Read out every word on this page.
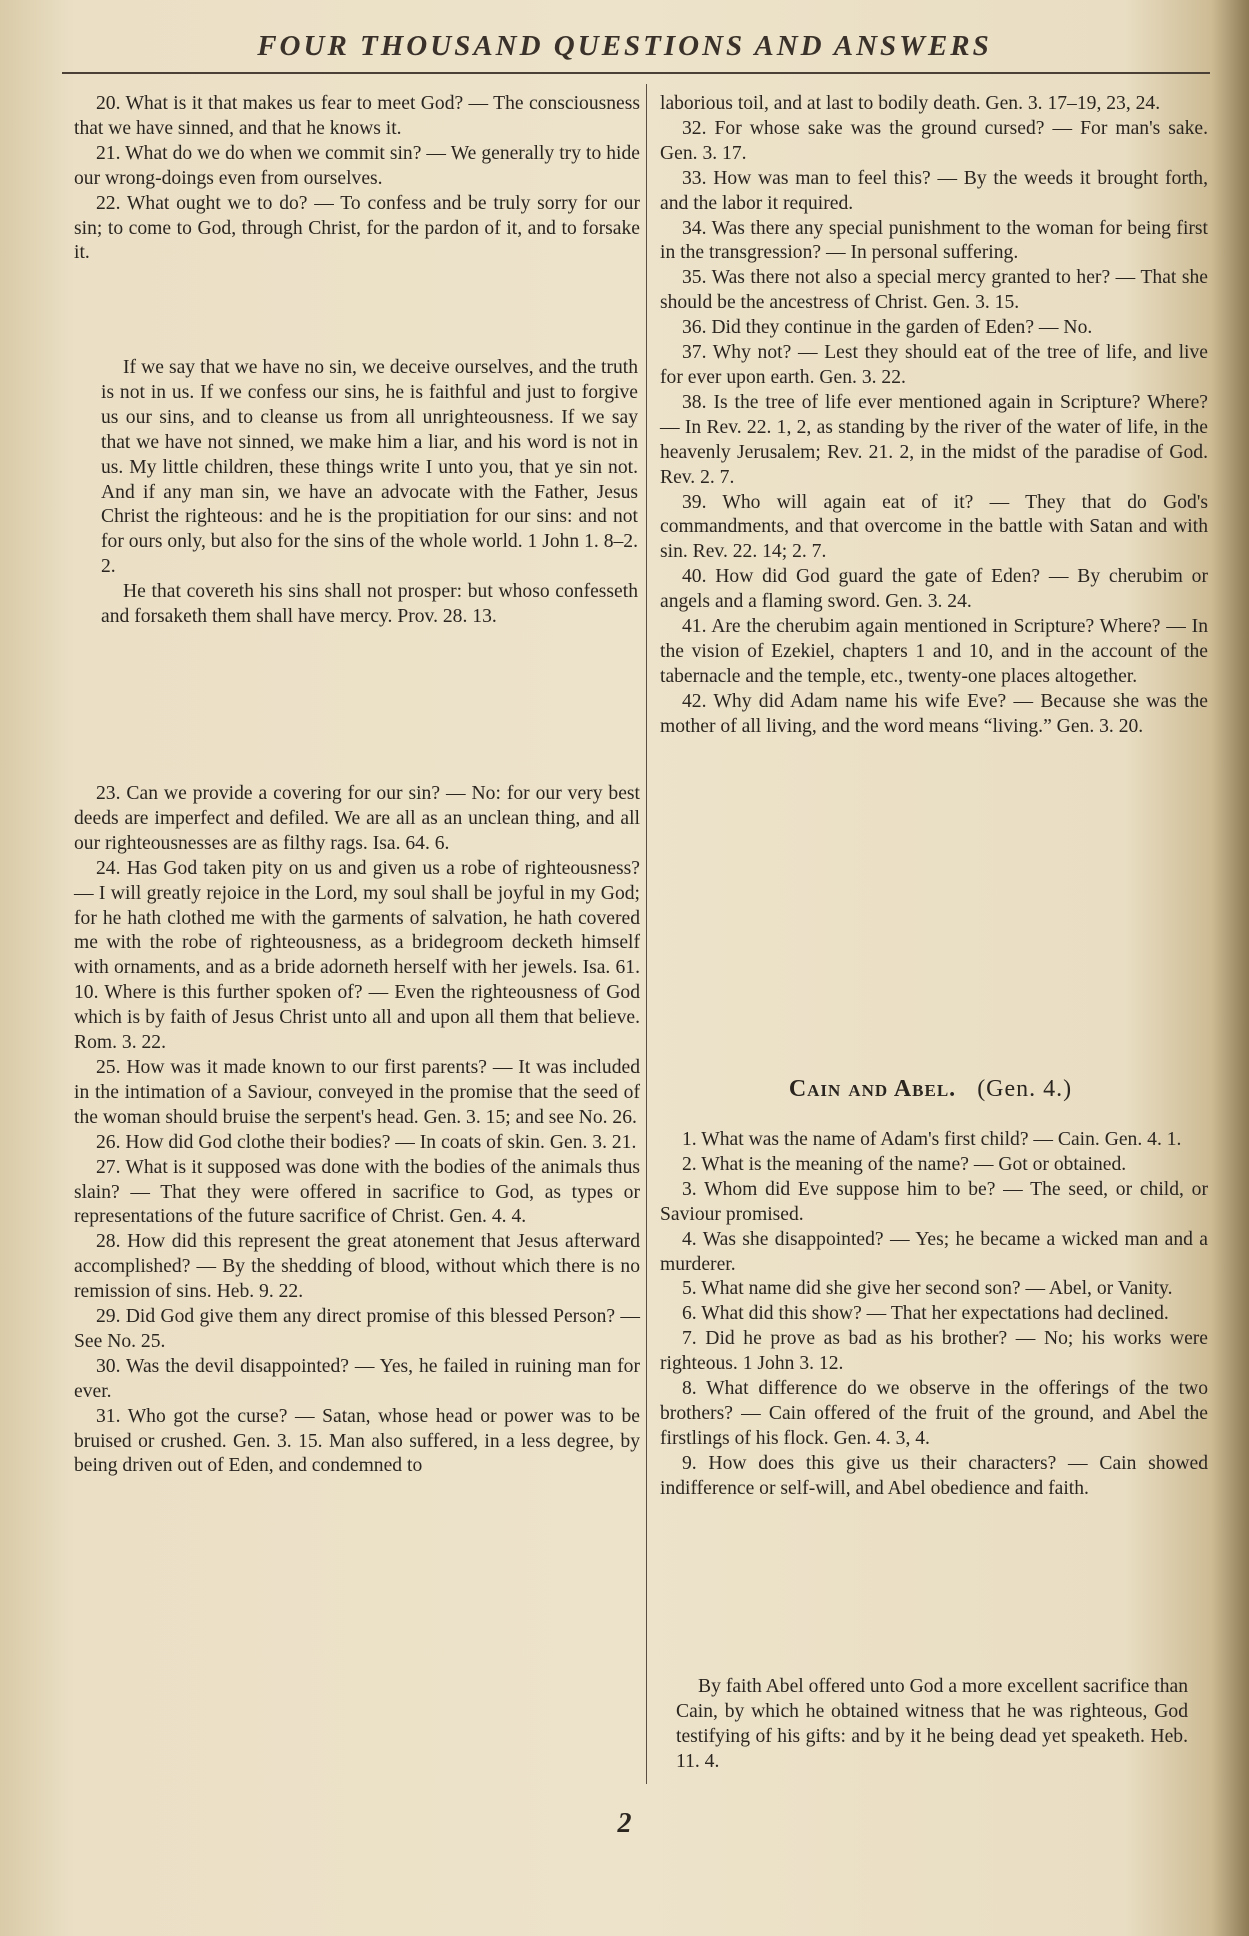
FOUR THOUSAND QUESTIONS AND ANSWERS

20. What is it that makes us fear to meet God? — The consciousness that we have sinned, and that he knows it.

21. What do we do when we commit sin? — We generally try to hide our wrong-doings even from ourselves.

22. What ought we to do? — To confess and be truly sorry for our sin; to come to God, through Christ, for the pardon of it, and to forsake it.

If we say that we have no sin, we deceive ourselves, and the truth is not in us. If we confess our sins, he is faithful and just to forgive us our sins, and to cleanse us from all unrighteousness. If we say that we have not sinned, we make him a liar, and his word is not in us. My little children, these things write I unto you, that ye sin not. And if any man sin, we have an advocate with the Father, Jesus Christ the righteous: and he is the propitiation for our sins: and not for ours only, but also for the sins of the whole world. 1 John 1. 8–2. 2.

He that covereth his sins shall not prosper: but whoso confesseth and forsaketh them shall have mercy. Prov. 28. 13.

23. Can we provide a covering for our sin? — No: for our very best deeds are imperfect and defiled. We are all as an unclean thing, and all our righteousnesses are as filthy rags. Isa. 64. 6.

24. Has God taken pity on us and given us a robe of righteousness? — I will greatly rejoice in the Lord, my soul shall be joyful in my God; for he hath clothed me with the garments of salvation, he hath covered me with the robe of righteousness, as a bridegroom decketh himself with ornaments, and as a bride adorneth herself with her jewels. Isa. 61. 10. Where is this further spoken of? — Even the righteousness of God which is by faith of Jesus Christ unto all and upon all them that believe. Rom. 3. 22.

25. How was it made known to our first parents? — It was included in the intimation of a Saviour, conveyed in the promise that the seed of the woman should bruise the serpent's head. Gen. 3. 15; and see No. 26.

26. How did God clothe their bodies? — In coats of skin. Gen. 3. 21.

27. What is it supposed was done with the bodies of the animals thus slain? — That they were offered in sacrifice to God, as types or representations of the future sacrifice of Christ. Gen. 4. 4.

28. How did this represent the great atonement that Jesus afterward accomplished? — By the shedding of blood, without which there is no remission of sins. Heb. 9. 22.

29. Did God give them any direct promise of this blessed Person? — See No. 25.

30. Was the devil disappointed? — Yes, he failed in ruining man for ever.

31. Who got the curse? — Satan, whose head or power was to be bruised or crushed. Gen. 3. 15. Man also suffered, in a less degree, by being driven out of Eden, and condemned to

laborious toil, and at last to bodily death. Gen. 3. 17–19, 23, 24.

32. For whose sake was the ground cursed? — For man's sake. Gen. 3. 17.

33. How was man to feel this? — By the weeds it brought forth, and the labor it required.

34. Was there any special punishment to the woman for being first in the transgression? — In personal suffering.

35. Was there not also a special mercy granted to her? — That she should be the ancestress of Christ. Gen. 3. 15.

36. Did they continue in the garden of Eden? — No.

37. Why not? — Lest they should eat of the tree of life, and live for ever upon earth. Gen. 3. 22.

38. Is the tree of life ever mentioned again in Scripture? Where? — In Rev. 22. 1, 2, as standing by the river of the water of life, in the heavenly Jerusalem; Rev. 21. 2, in the midst of the paradise of God. Rev. 2. 7.

39. Who will again eat of it? — They that do God's commandments, and that overcome in the battle with Satan and with sin. Rev. 22. 14; 2. 7.

40. How did God guard the gate of Eden? — By cherubim or angels and a flaming sword. Gen. 3. 24.

41. Are the cherubim again mentioned in Scripture? Where? — In the vision of Ezekiel, chapters 1 and 10, and in the account of the tabernacle and the temple, etc., twenty-one places altogether.

42. Why did Adam name his wife Eve? — Because she was the mother of all living, and the word means “living.” Gen. 3. 20.

Cain and Abel. (Gen. 4.)

1. What was the name of Adam's first child? — Cain. Gen. 4. 1.

2. What is the meaning of the name? — Got or obtained.

3. Whom did Eve suppose him to be? — The seed, or child, or Saviour promised.

4. Was she disappointed? — Yes; he became a wicked man and a murderer.

5. What name did she give her second son? — Abel, or Vanity.

6. What did this show? — That her expectations had declined.

7. Did he prove as bad as his brother? — No; his works were righteous. 1 John 3. 12.

8. What difference do we observe in the offerings of the two brothers? — Cain offered of the fruit of the ground, and Abel the firstlings of his flock. Gen. 4. 3, 4.

9. How does this give us their characters? — Cain showed indifference or self-will, and Abel obedience and faith.

By faith Abel offered unto God a more excellent sacrifice than Cain, by which he obtained witness that he was righteous, God testifying of his gifts: and by it he being dead yet speaketh. Heb. 11. 4.

2
